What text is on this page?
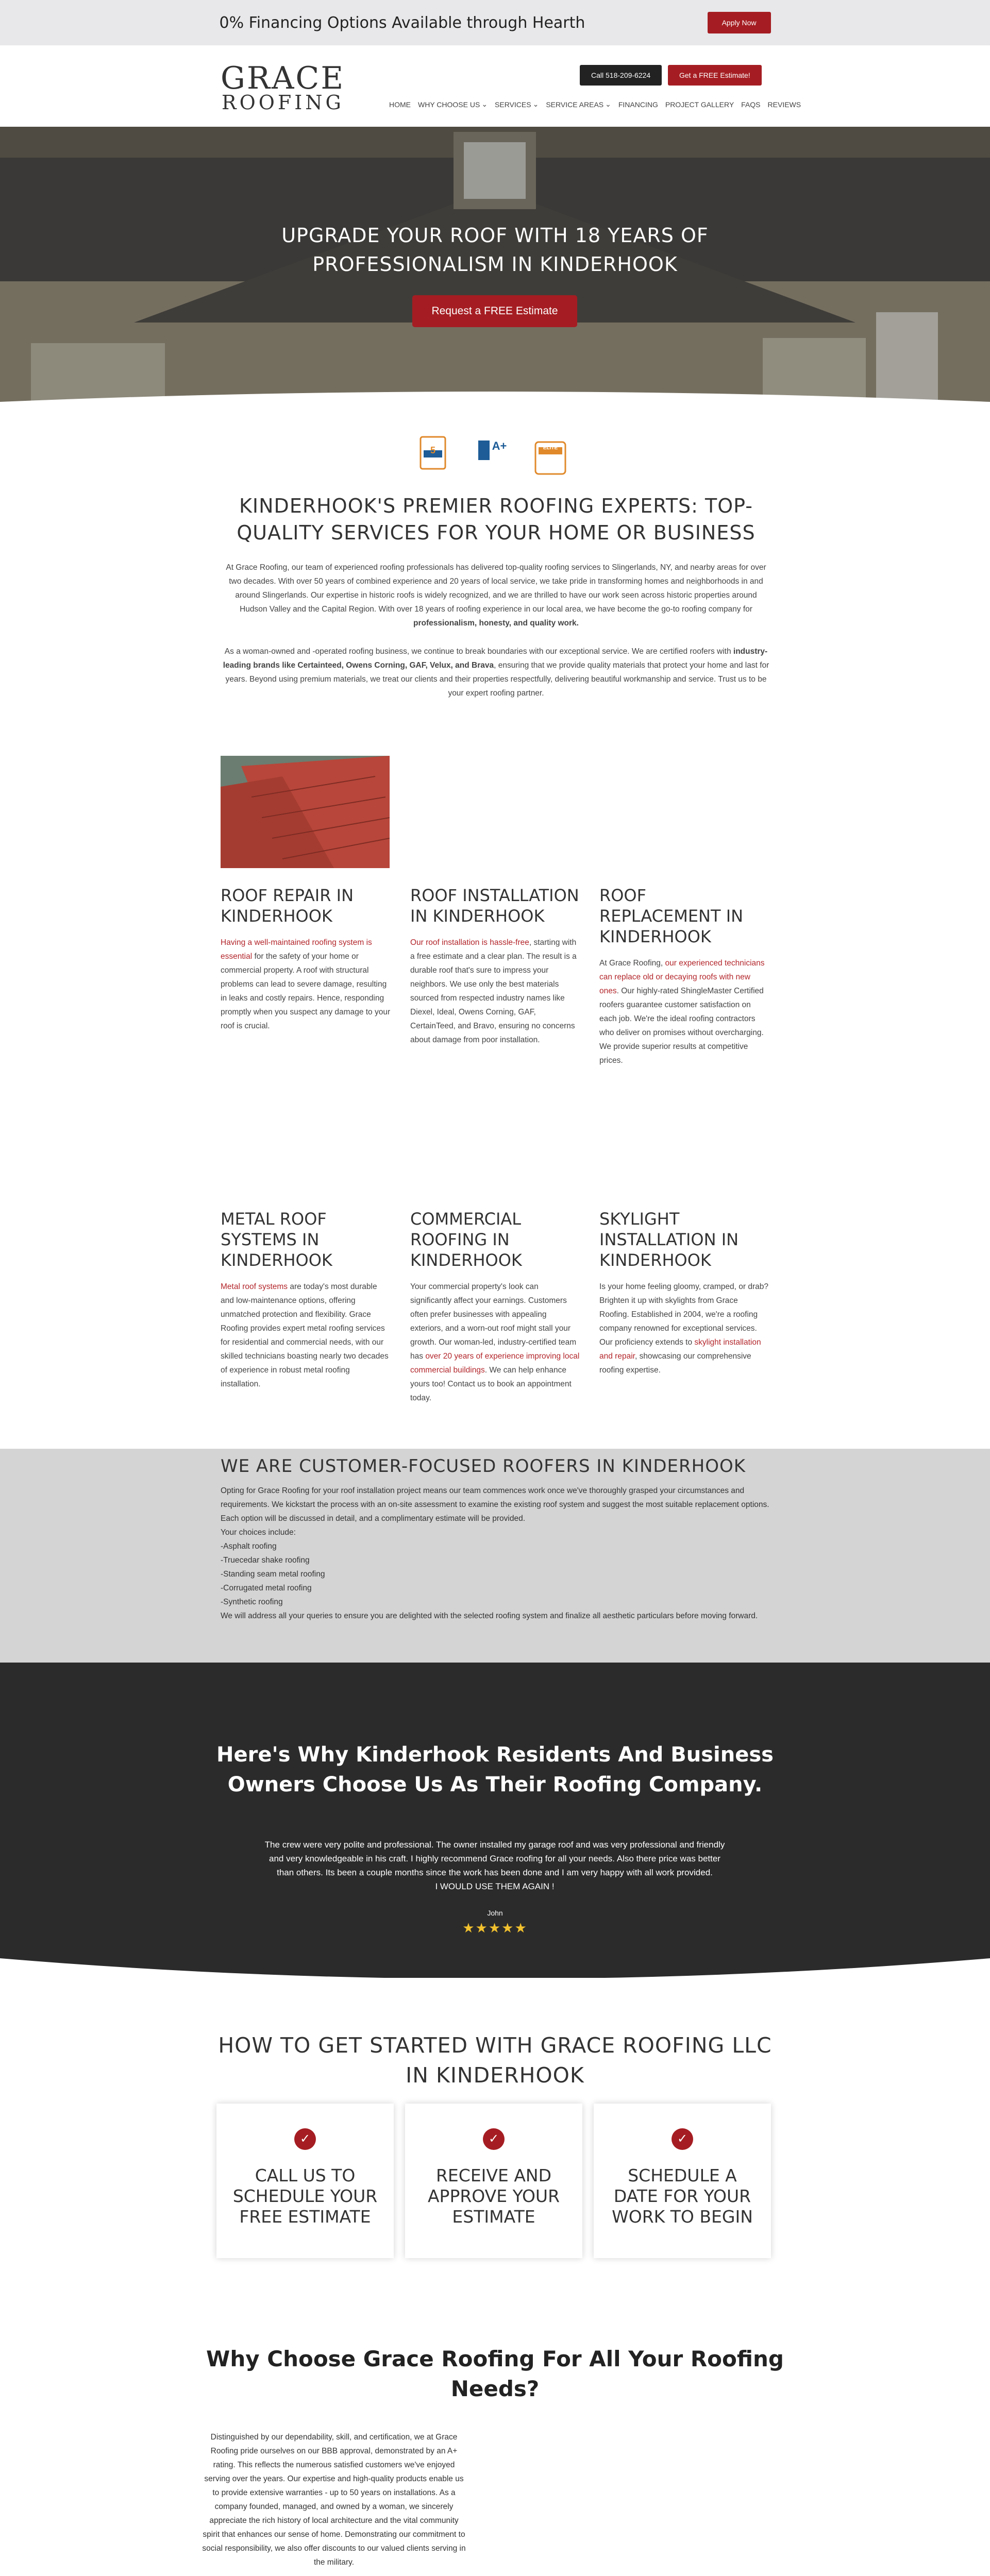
0% Financing Options Available through Hearth	Apply Now
GRACE
ROOFING
Call 518-209-6224	Get a FREE Estimate!
HOME WHY CHOOSE US ⌄ SERVICES ⌄ SERVICE AREAS ⌄ FINANCING PROJECT GALLERY FAQS REVIEWS
UPGRADE YOUR ROOF WITH 18 YEARS OF
PROFESSIONALISM IN KINDERHOOK
Request a FREE Estimate
5	A+	ELITE
KINDERHOOK'S PREMIER ROOFING EXPERTS: TOP-QUALITY SERVICES FOR YOUR HOME OR BUSINESS

At Grace Roofing, our team of experienced roofing professionals has delivered top-quality roofing services to Slingerlands, NY, and nearby areas for over two decades. With over 50 years of combined experience and 20 years of local service, we take pride in transforming homes and neighborhoods in and around Slingerlands. Our expertise in historic roofs is widely recognized, and we are thrilled to have our work seen across historic properties around Hudson Valley and the Capital Region. With over 18 years of roofing experience in our local area, we have become the go-to roofing company for professionalism, honesty, and quality work.

As a woman-owned and -operated roofing business, we continue to break boundaries with our exceptional service. We are certified roofers with industry-leading brands like Certainteed, Owens Corning, GAF, Velux, and Brava, ensuring that we provide quality materials that protect your home and last for years. Beyond using premium materials, we treat our clients and their properties respectfully, delivering beautiful workmanship and service. Trust us to be your expert roofing partner.

ROOF REPAIR IN KINDERHOOK

Having a well-maintained roofing system is essential for the safety of your home or commercial property. A roof with structural problems can lead to severe damage, resulting in leaks and costly repairs. Hence, responding promptly when you suspect any damage to your roof is crucial.

ROOF INSTALLATION IN KINDERHOOK

Our roof installation is hassle-free, starting with a free estimate and a clear plan. The result is a durable roof that's sure to impress your neighbors. We use only the best materials sourced from respected industry names like Diexel, Ideal, Owens Corning, GAF, CertainTeed, and Bravo, ensuring no concerns about damage from poor installation.

ROOF REPLACEMENT IN KINDERHOOK

At Grace Roofing, our experienced technicians can replace old or decaying roofs with new ones. Our highly-rated ShingleMaster Certified roofers guarantee customer satisfaction on each job. We're the ideal roofing contractors who deliver on promises without overcharging. We provide superior results at competitive prices.

METAL ROOF SYSTEMS IN KINDERHOOK

Metal roof systems are today's most durable and low-maintenance options, offering unmatched protection and flexibility. Grace Roofing provides expert metal roofing services for residential and commercial needs, with our skilled technicians boasting nearly two decades of experience in robust metal roofing installation.

COMMERCIAL ROOFING IN KINDERHOOK

Your commercial property's look can significantly affect your earnings. Customers often prefer businesses with appealing exteriors, and a worn-out roof might stall your growth. Our woman-led, industry-certified team has over 20 years of experience improving local commercial buildings. We can help enhance yours too! Contact us to book an appointment today.

SKYLIGHT INSTALLATION IN KINDERHOOK

Is your home feeling gloomy, cramped, or drab? Brighten it up with skylights from Grace Roofing. Established in 2004, we're a roofing company renowned for exceptional services. Our proficiency extends to skylight installation and repair, showcasing our comprehensive roofing expertise.

WE ARE CUSTOMER-FOCUSED ROOFERS IN KINDERHOOK

Opting for Grace Roofing for your roof installation project means our team commences work once we've thoroughly grasped your circumstances and requirements. We kickstart the process with an on-site assessment to examine the existing roof system and suggest the most suitable replacement options. Each option will be discussed in detail, and a complimentary estimate will be provided.
Your choices include:
-Asphalt roofing
-Truecedar shake roofing
-Standing seam metal roofing
-Corrugated metal roofing
-Synthetic roofing
We will address all your queries to ensure you are delighted with the selected roofing system and finalize all aesthetic particulars before moving forward.

Here's Why Kinderhook Residents And Business
Owners Choose Us As Their Roofing Company.
The crew were very polite and professional. The owner installed my garage roof and was very professional and friendly and very knowledgeable in his craft. I highly recommend Grace roofing for all your needs. Also there price was better than others. Its been a couple months since the work has been done and I am very happy with all work provided.
I WOULD USE THEM AGAIN !
John
★★★★★
HOW TO GET STARTED WITH GRACE ROOFING LLC IN KINDERHOOK
✓
CALL US TO SCHEDULE YOUR FREE ESTIMATE
✓
RECEIVE AND APPROVE YOUR ESTIMATE
✓
SCHEDULE A DATE FOR YOUR WORK TO BEGIN
Why Choose Grace Roofing For All Your Roofing Needs?

Distinguished by our dependability, skill, and certification, we at Grace Roofing pride ourselves on our BBB approval, demonstrated by an A+ rating. This reflects the numerous satisfied customers we've enjoyed serving over the years. Our expertise and high-quality products enable us to provide extensive warranties - up to 50 years on installations. As a company founded, managed, and owned by a woman, we sincerely appreciate the rich history of local architecture and the vital community spirit that enhances our sense of home. Demonstrating our commitment to social responsibility, we also offer discounts to our valued clients serving in the military.
